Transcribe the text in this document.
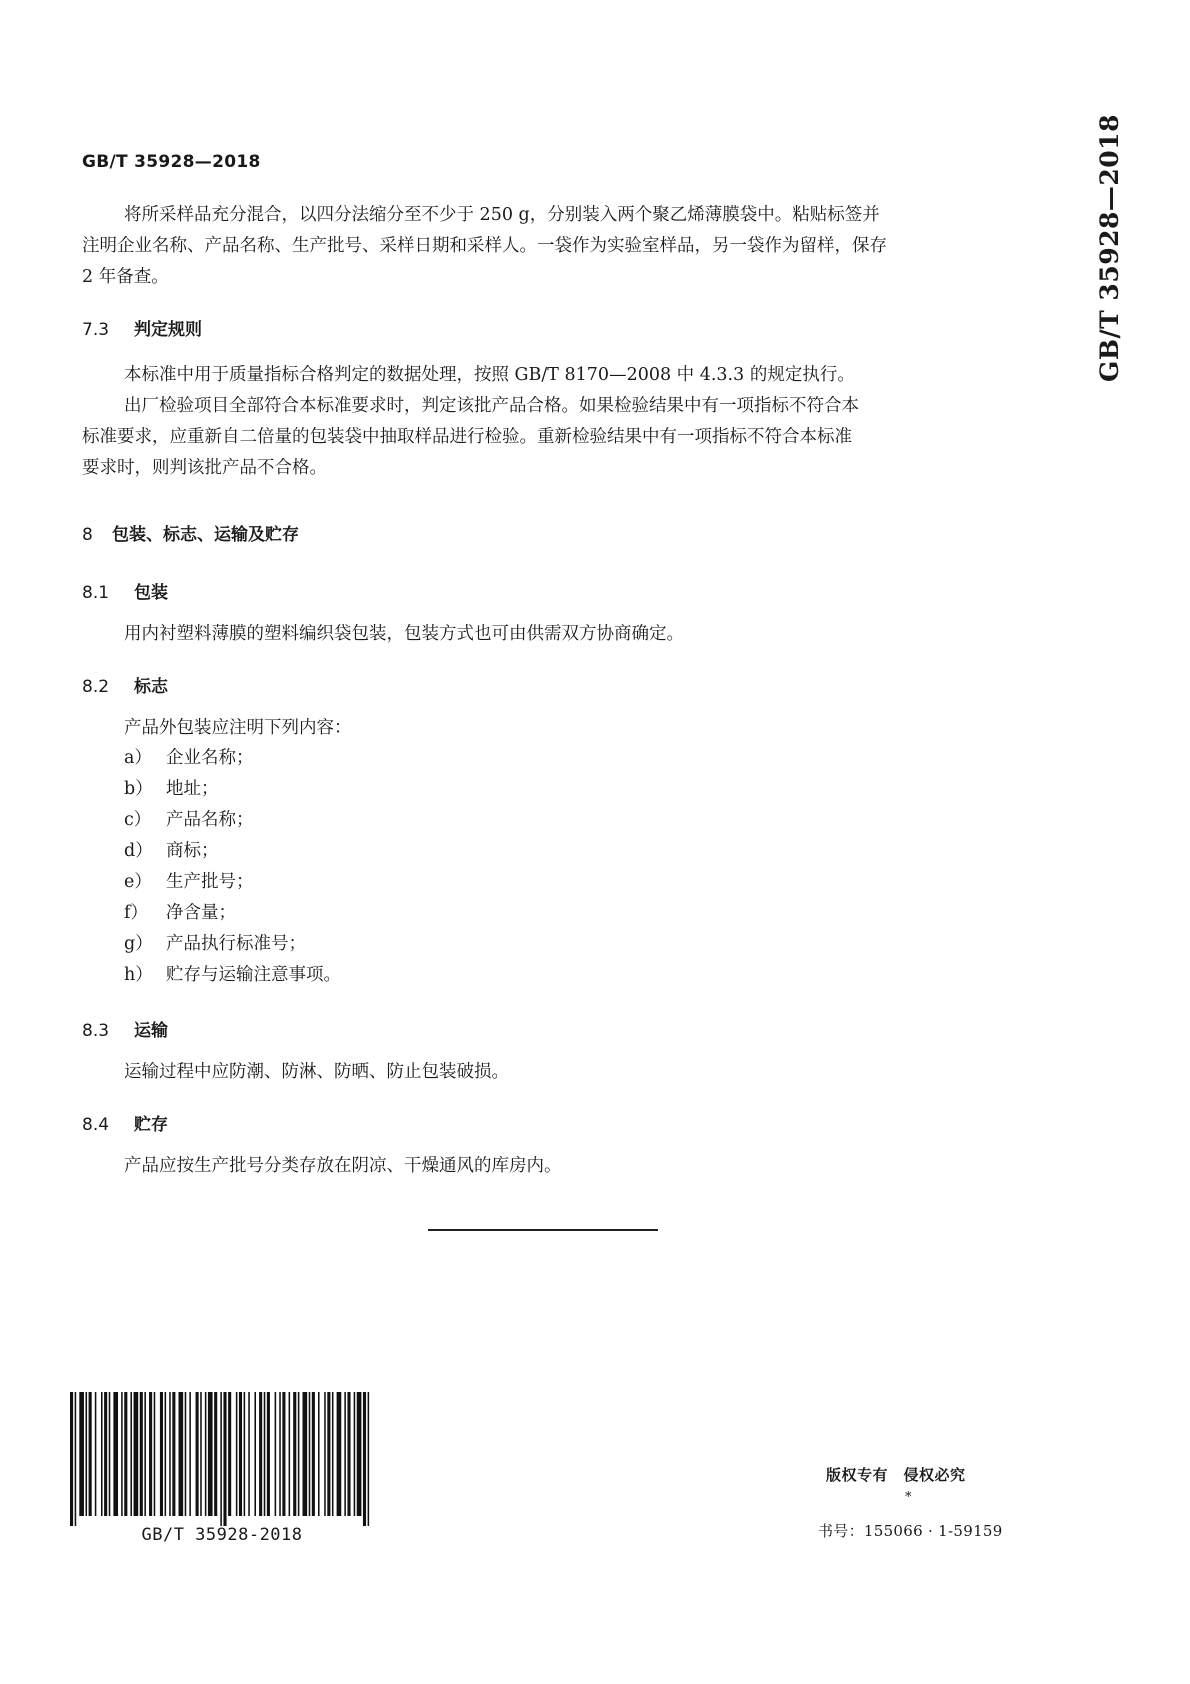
GB/T 35928—2018	GB/T 35928—2018
将所采样品充分混合，以四分法缩分至不少于 250 g，分别装入两个聚乙烯薄膜袋中。粘贴标签并
注明企业名称、产品名称、生产批号、采样日期和采样人。一袋作为实验室样品，另一袋作为留样，保存
2 年备查。
7.3 判定规则
本标准中用于质量指标合格判定的数据处理，按照 GB/T 8170—2008 中 4.3.3 的规定执行。
出厂检验项目全部符合本标准要求时，判定该批产品合格。如果检验结果中有一项指标不符合本
标准要求，应重新自二倍量的包装袋中抽取样品进行检验。重新检验结果中有一项指标不符合本标准
要求时，则判该批产品不合格。
8 包装、标志、运输及贮存
8.1 包装
用内衬塑料薄膜的塑料编织袋包装，包装方式也可由供需双方协商确定。
8.2 标志
产品外包装应注明下列内容：
a） 企业名称；
b） 地址；
c） 产品名称；
d） 商标；
e） 生产批号；
f） 净含量；
g） 产品执行标准号；
h） 贮存与运输注意事项。
8.3 运输
运输过程中应防潮、防淋、防晒、防止包装破损。
8.4 贮存
产品应按生产批号分类存放在阴凉、干燥通风的库房内。
GB/T 35928-2018
版权专有　侵权必究
*
书号：155066 · 1-59159
